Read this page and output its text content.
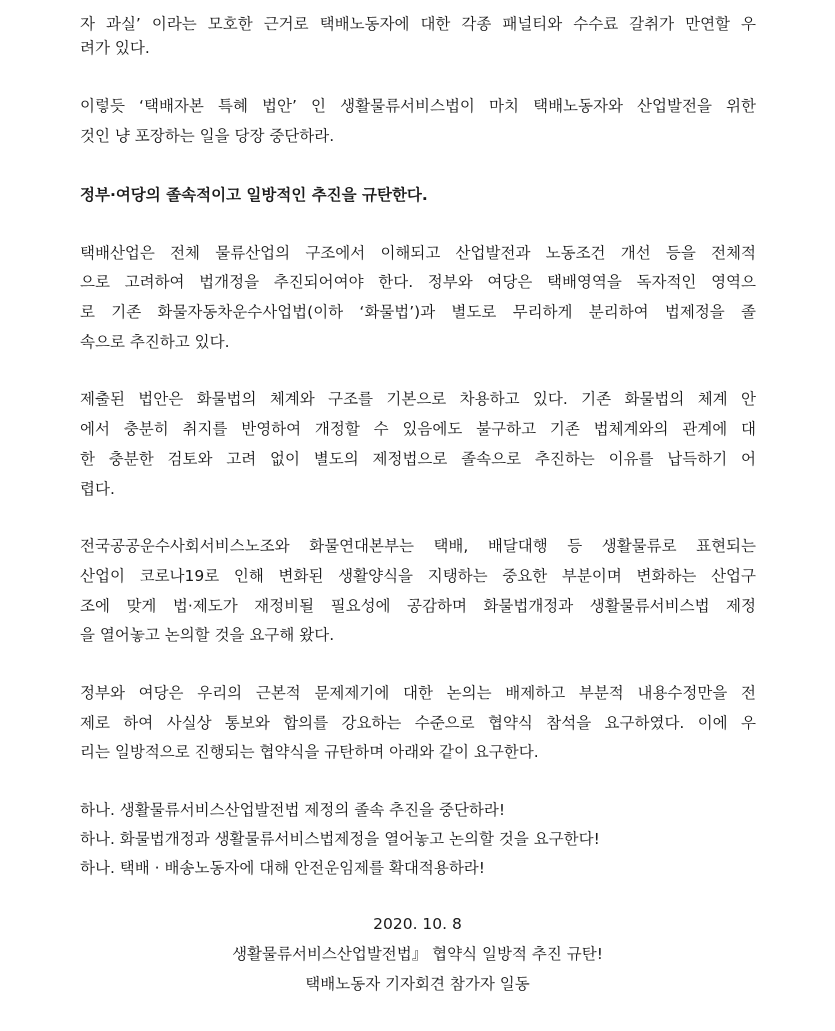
자 과실’ 이라는 모호한 근거로 택배노동자에 대한 각종 패널티와 수수료 갈취가 만연할 우
려가 있다.
이렇듯 ‘택배자본 특혜 법안’ 인 생활물류서비스법이 마치 택배노동자와 산업발전을 위한
것인 냥 포장하는 일을 당장 중단하라.
정부·여당의 졸속적이고 일방적인 추진을 규탄한다.
택배산업은 전체 물류산업의 구조에서 이해되고 산업발전과 노동조건 개선 등을 전체적
으로 고려하여 법개정을 추진되어여야 한다. 정부와 여당은 택배영역을 독자적인 영역으
로 기존 화물자동차운수사업법(이하 ‘화물법’)과 별도로 무리하게 분리하여 법제정을 졸
속으로 추진하고 있다.
제출된 법안은 화물법의 체계와 구조를 기본으로 차용하고 있다. 기존 화물법의 체계 안
에서 충분히 취지를 반영하여 개정할 수 있음에도 불구하고 기존 법체계와의 관계에 대
한 충분한 검토와 고려 없이 별도의 제정법으로 졸속으로 추진하는 이유를 납득하기 어
렵다.
전국공공운수사회서비스노조와 화물연대본부는 택배, 배달대행 등 생활물류로 표현되는
산업이 코로나19로 인해 변화된 생활양식을 지탱하는 중요한 부분이며 변화하는 산업구
조에 맞게 법·제도가 재정비될 필요성에 공감하며 화물법개정과 생활물류서비스법 제정
을 열어놓고 논의할 것을 요구해 왔다.
정부와 여당은 우리의 근본적 문제제기에 대한 논의는 배제하고 부분적 내용수정만을 전
제로 하여 사실상 통보와 합의를 강요하는 수준으로 협약식 참석을 요구하였다. 이에 우
리는 일방적으로 진행되는 협약식을 규탄하며 아래와 같이 요구한다.
하나. 생활물류서비스산업발전법 제정의 졸속 추진을 중단하라!
하나. 화물법개정과 생활물류서비스법제정을 열어놓고 논의할 것을 요구한다!
하나. 택배 · 배송노동자에 대해 안전운임제를 확대적용하라!
2020. 10. 8
생활물류서비스산업발전법』 협약식 일방적 추진 규탄!
택배노동자 기자회견 참가자 일동
